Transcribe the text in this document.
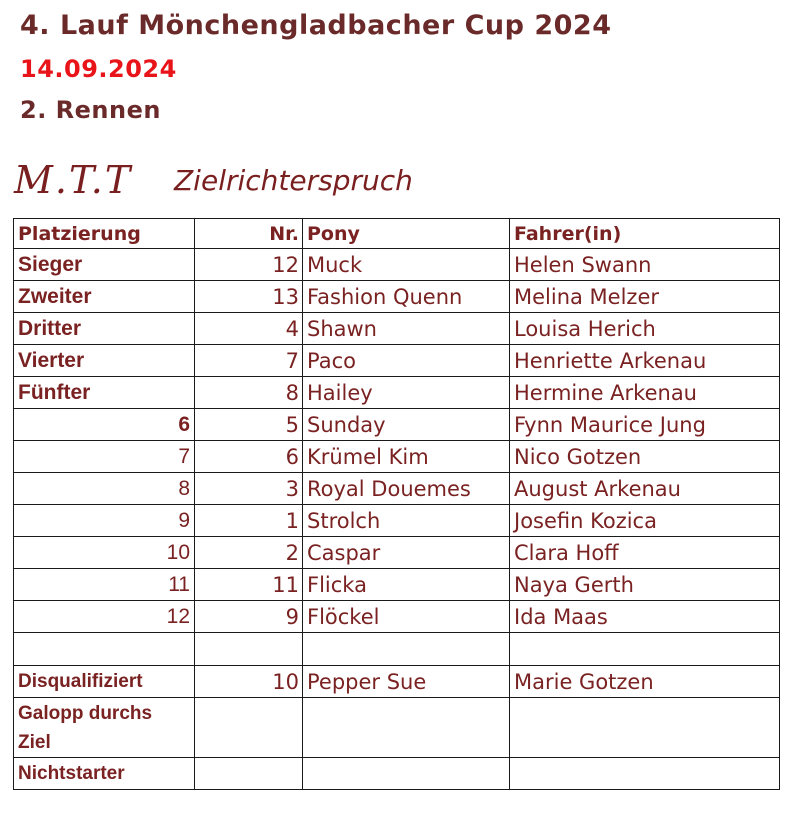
4. Lauf Mönchengladbacher Cup 2024
14.09.2024
2. Rennen
M.T.T Zielrichterspruch
Platzierung	Nr.	Pony	Fahrer(in)
Sieger	12	Muck	Helen Swann
Zweiter	13	Fashion Quenn	Melina Melzer
Dritter	4	Shawn	Louisa Herich
Vierter	7	Paco	Henriette Arkenau
Fünfter	8	Hailey	Hermine Arkenau
6	5	Sunday	Fynn Maurice Jung
7	6	Krümel Kim	Nico Gotzen
8	3	Royal Douemes	August Arkenau
9	1	Strolch	Josefin Kozica
10	2	Caspar	Clara Hoff
11	11	Flicka	Naya Gerth
12	9	Flöckel	Ida Maas

Disqualifiziert	10	Pepper Sue	Marie Gotzen
Galopp durchs Ziel			
Nichtstarter			
